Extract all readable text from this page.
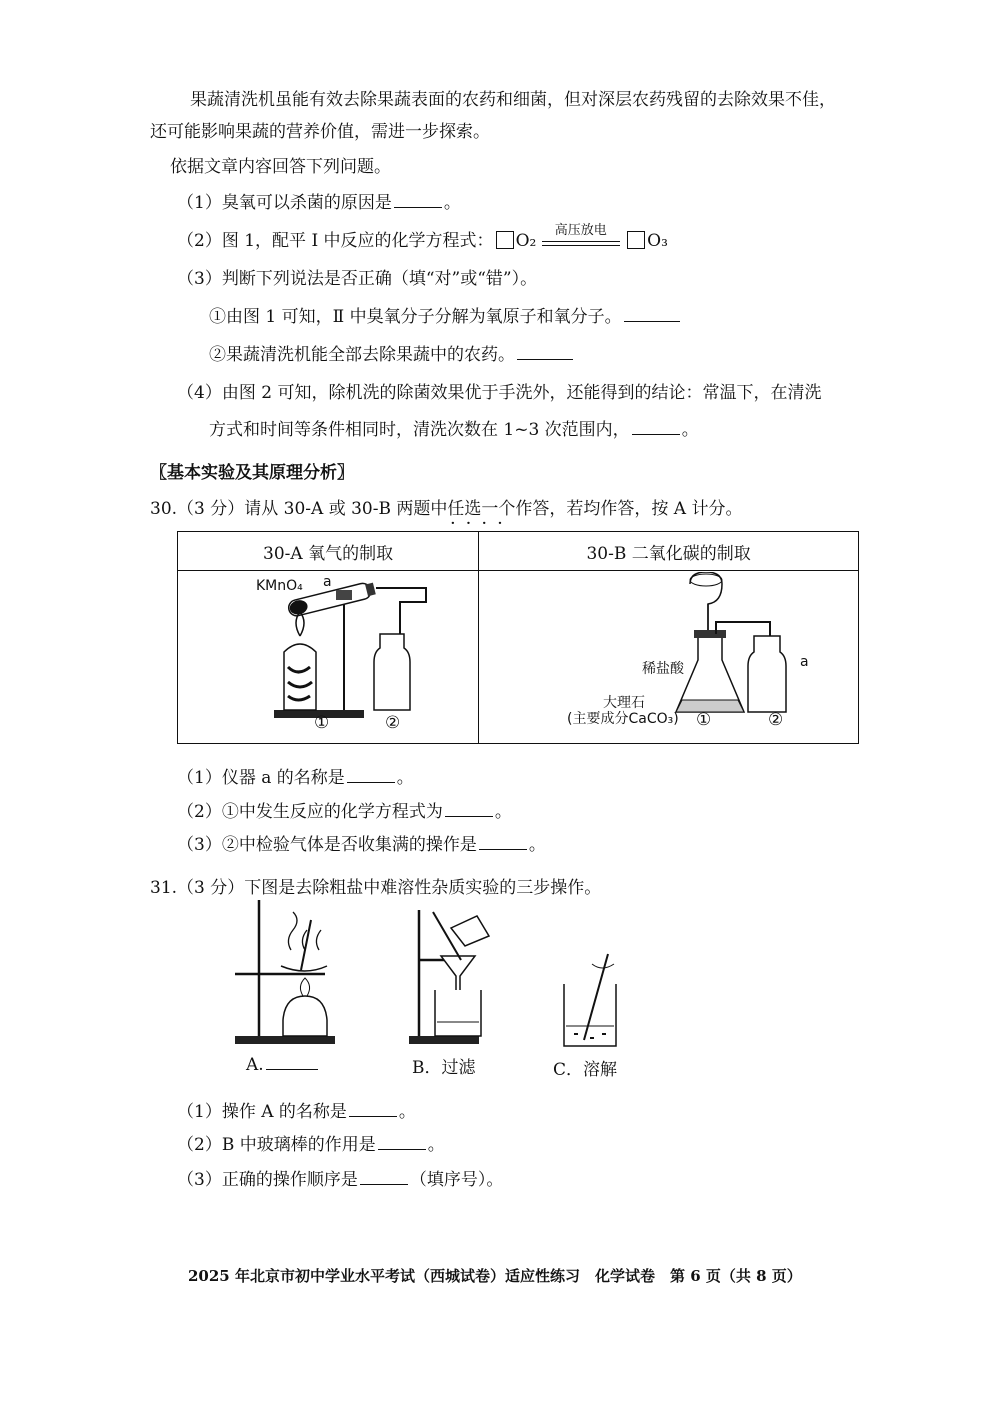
果蔬清洗机虽能有效去除果蔬表面的农药和细菌，但对深层农药残留的去除效果不佳，
还可能影响果蔬的营养价值，需进一步探索。
依据文章内容回答下列问题。
（1）臭氧可以杀菌的原因是	。
（2）图 1，配平 Ⅰ 中反应的化学方程式： O₂
高压放电
O₃
（3）判断下列说法是否正确（填“对”或“错”）。
①由图 1 可知，Ⅱ 中臭氧分子分解为氧原子和氧分子。
②果蔬清洗机能全部去除果蔬中的农药。
（4）由图 2 可知，除机洗的除菌效果优于手洗外，还能得到的结论：常温下，在清洗
方式和时间等条件相同时，清洗次数在 1~3 次范围内，	。
〖基本实验及其原理分析〗
30.（3 分）请从 30-A 或 30-B 两题中任选一个
····
作答，若均作答，按 A 计分。
30-A 氧气的制取	30-B 二氧化碳的制取

KMnO₄ a
①	②
稀盐酸	a
大理石
(主要成分CaCO₃) ①	②
（1）仪器 a 的名称是	。
（2）①中发生反应的化学方程式为	。
（3）②中检验气体是否收集满的操作是	。
31.（3 分）下图是去除粗盐中难溶性杂质实验的三步操作。
A.	B．过滤	C．溶解
（1）操作 A 的名称是	。
（2）B 中玻璃棒的作用是	。
（3）正确的操作顺序是	（填序号）。
2025 年北京市初中学业水平考试（西城试卷）适应性练习　化学试卷　第 6 页（共 8 页）
